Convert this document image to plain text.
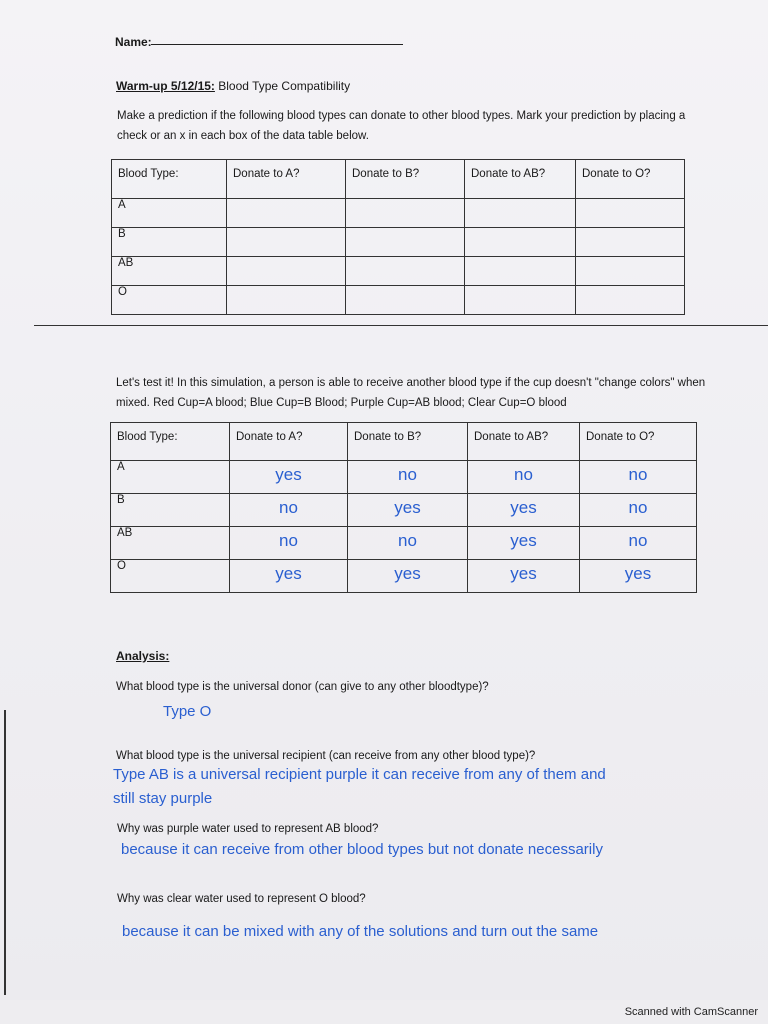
Name:
Warm-up 5/12/15: Blood Type Compatibility
Make a prediction if the following blood types can donate to other blood types. Mark your prediction by placing a check or an x in each box of the data table below.
Blood Type:	Donate to A?	Donate to B?	Donate to AB?	Donate to O?
A				
B				
AB				
O				
Let's test it! In this simulation, a person is able to receive another blood type if the cup doesn't "change colors" when mixed. Red Cup=A blood; Blue Cup=B Blood; Purple Cup=AB blood; Clear Cup=O blood
Blood Type:	Donate to A?	Donate to B?	Donate to AB?	Donate to O?
A	yes	no	no	no
B	no	yes	yes	no
AB	no	no	yes	no
O	yes	yes	yes	yes
Analysis:
What blood type is the universal donor (can give to any other bloodtype)?
Type O
What blood type is the universal recipient (can receive from any other blood type)?
Type AB is a universal recipient purple it can receive from any of them and still stay purple
Why was purple water used to represent AB blood?
because it can receive from other blood types but not donate necessarily
Why was clear water used to represent O blood?
because it can be mixed with any of the solutions and turn out the same
Scanned with CamScanner
